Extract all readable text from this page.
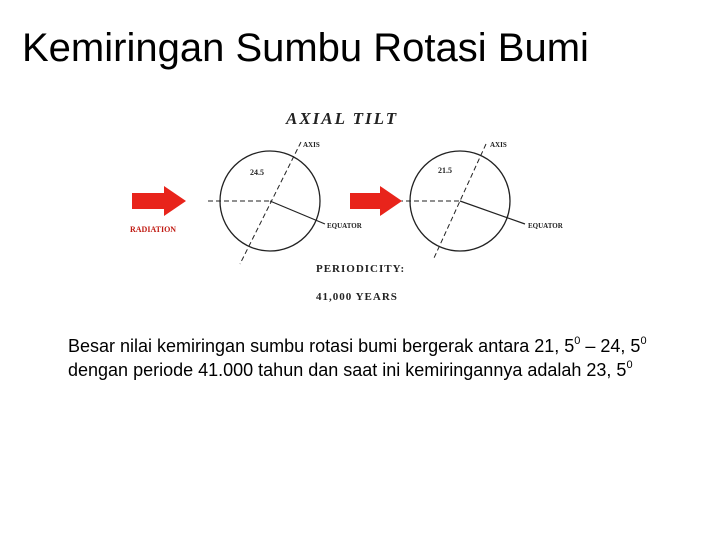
Kemiringan Sumbu Rotasi Bumi
AXIAL TILT
24.5
AXIS
EQUATOR
21.5
AXIS
EQUATOR
RADIATION
PERIODICITY:
41,000 YEARS
Besar nilai kemiringan sumbu rotasi bumi bergerak antara 21, $5^0 - 24$, $5^0$ dengan periode 41.000 tahun dan saat ini kemiringannya adalah 23, $5^0$
